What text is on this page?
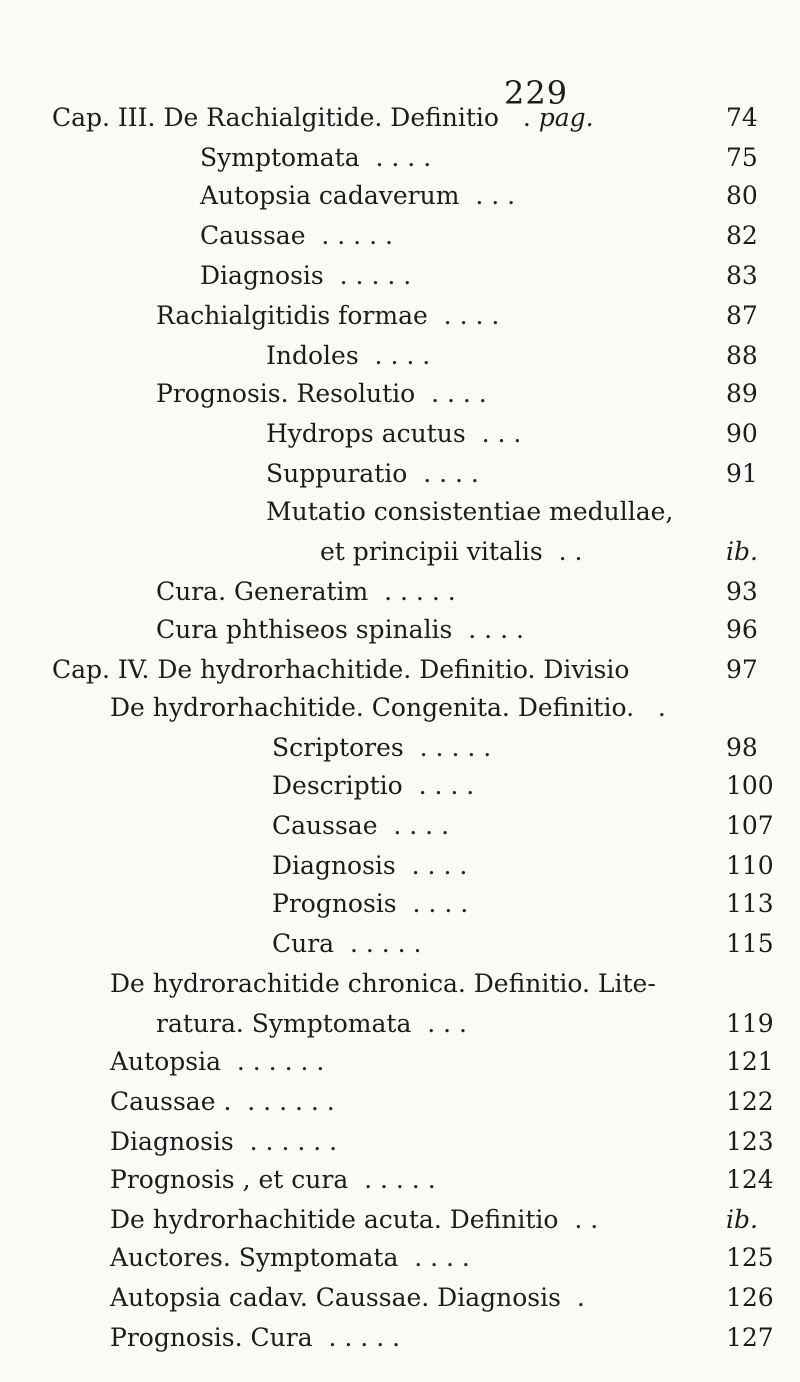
229
Cap. III. De Rachialgitide. Definitio   . pag.	74
Symptomata  . . . .	75
Autopsia cadaverum  . . .	80
Caussae  . . . . .	82
Diagnosis  . . . . .	83
Rachialgitidis formae  . . . .	87
Indoles  . . . .	88
Prognosis. Resolutio  . . . .	89
Hydrops acutus  . . .	90
Suppuratio  . . . .	91
Mutatio consistentiae medullae,
et principii vitalis  . .	ib.
Cura. Generatim  . . . . .	93
Cura phthiseos spinalis  . . . .	96
Cap. IV. De hydrorhachitide. Definitio. Divisio	97
De hydrorhachitide. Congenita. Definitio.   .
Scriptores  . . . . .	98
Descriptio  . . . .	100
Caussae  . . . .	107
Diagnosis  . . . .	110
Prognosis  . . . .	113
Cura  . . . . .	115
De hydrorachitide chronica. Definitio. Lite-
ratura. Symptomata  . . .	119
Autopsia  . . . . . .	121
Caussae .  . . . . . .	122
Diagnosis  . . . . . .	123
Prognosis , et cura  . . . . .	124
De hydrorhachitide acuta. Definitio  . .	ib.
Auctores. Symptomata  . . . .	125
Autopsia cadav. Caussae. Diagnosis  .	126
Prognosis. Cura  . . . . .	127
